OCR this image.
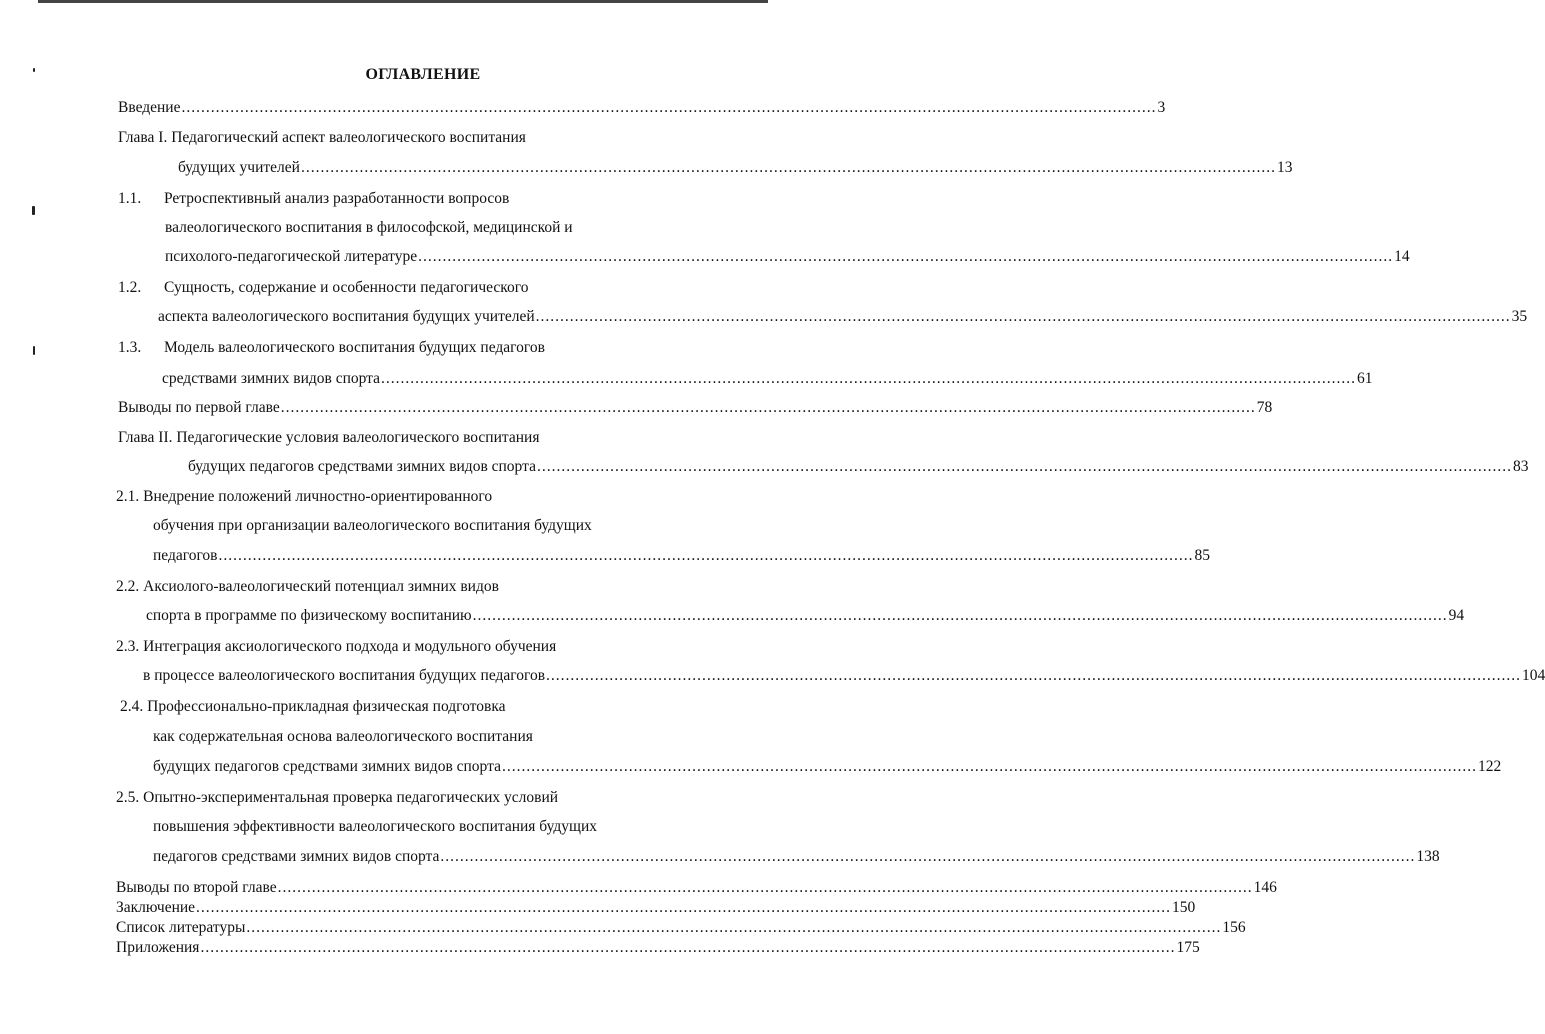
ОГЛАВЛЕНИЕ
Введение ........................................................................................................................................................................................................ 3
Глава I. Педагогический аспект валеологического воспитания
будущих учителей ........................................................................................................................................................................................................ 13
1.1.	Ретроспективный анализ разработанности вопросов
валеологического воспитания в философской, медицинской и
психолого-педагогической литературе ........................................................................................................................................................................................................ 14
1.2.	Сущность, содержание и особенности педагогического
аспекта валеологического воспитания будущих учителей ........................................................................................................................................................................................................ 35
1.3.	Модель валеологического воспитания будущих педагогов
средствами зимних видов спорта ........................................................................................................................................................................................................ 61
Выводы по первой главе ........................................................................................................................................................................................................ 78
Глава II. Педагогические условия валеологического воспитания
будущих педагогов средствами зимних видов спорта ........................................................................................................................................................................................................ 83
2.1. Внедрение положений личностно-ориентированного
обучения при организации валеологического воспитания будущих
педагогов ........................................................................................................................................................................................................ 85
2.2. Аксиолого-валеологический потенциал зимних видов
спорта в программе по физическому воспитанию ........................................................................................................................................................................................................ 94
2.3. Интеграция аксиологического подхода и модульного обучения
в процессе валеологического воспитания будущих педагогов ........................................................................................................................................................................................................ 104
2.4. Профессионально-прикладная физическая подготовка
как содержательная основа валеологического воспитания
будущих педагогов средствами зимних видов спорта ........................................................................................................................................................................................................ 122
2.5. Опытно-экспериментальная проверка педагогических условий
повышения эффективности валеологического воспитания будущих
педагогов средствами зимних видов спорта ........................................................................................................................................................................................................ 138
Выводы по второй главе ........................................................................................................................................................................................................ 146
Заключение ........................................................................................................................................................................................................ 150
Список литературы ........................................................................................................................................................................................................ 156
Приложения ........................................................................................................................................................................................................ 175
